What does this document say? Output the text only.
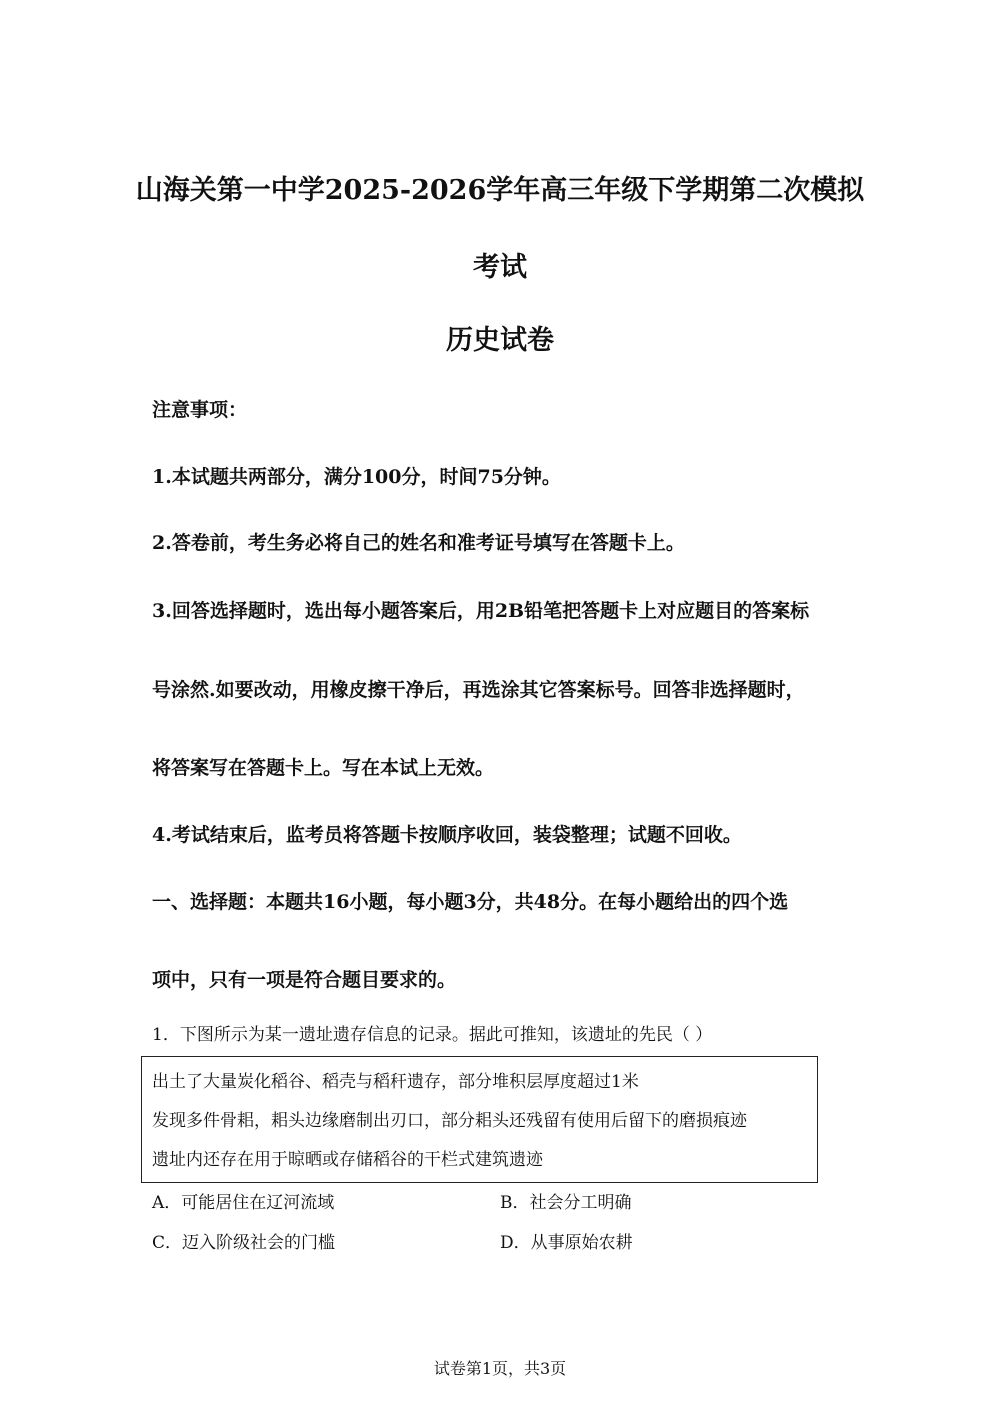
山海关第一中学2025-2026学年高三年级下学期第二次模拟
考试
历史试卷
注意事项：
1.本试题共两部分，满分100分，时间75分钟。
2.答卷前，考生务必将自己的姓名和准考证号填写在答题卡上。
3.回答选择题时，选出每小题答案后，用2B铅笔把答题卡上对应题目的答案标
号涂然.如要改动，用橡皮擦干净后，再选涂其它答案标号。回答非选择题时，
将答案写在答题卡上。写在本试上无效。
4.考试结束后，监考员将答题卡按顺序收回，装袋整理；试题不回收。
一、选择题：本题共16小题，每小题3分，共48分。在每小题给出的四个选
项中，只有一项是符合题目要求的。
1．下图所示为某一遗址遗存信息的记录。据此可推知，该遗址的先民（ ）
出土了大量炭化稻谷、稻壳与稻秆遗存，部分堆积层厚度超过1米
发现多件骨耜，耜头边缘磨制出刃口，部分耜头还残留有使用后留下的磨损痕迹
遗址内还存在用于晾晒或存储稻谷的干栏式建筑遗迹
A．可能居住在辽河流域	B．社会分工明确
C．迈入阶级社会的门槛	D．从事原始农耕
试卷第1页，共3页
